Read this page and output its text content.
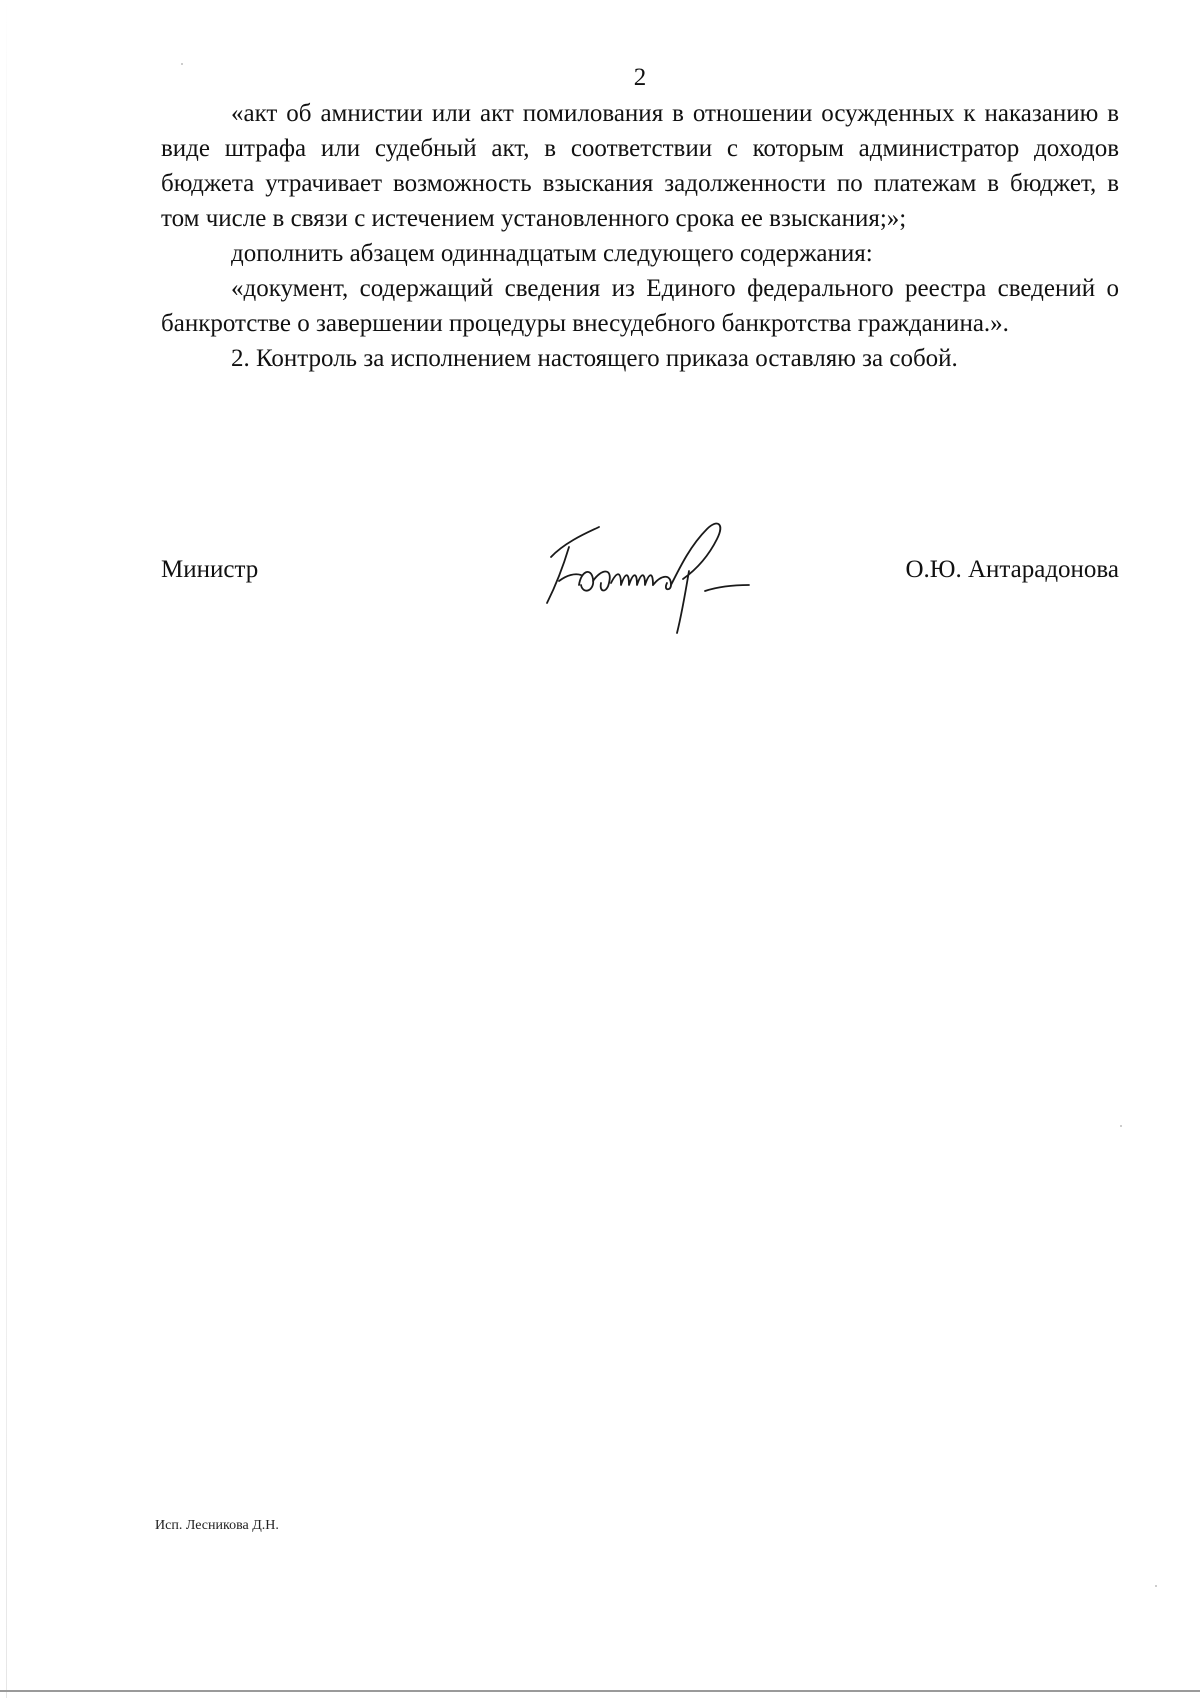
2

«акт об амнистии или акт помилования в отношении осужденных к наказанию в виде штрафа или судебный акт, в соответствии с которым администратор доходов бюджета утрачивает возможность взыскания задолженности по платежам в бюджет, в том числе в связи с истечением установленного срока ее взыскания;»;

дополнить абзацем одиннадцатым следующего содержания:

«документ, содержащий сведения из Единого федерального реестра сведений о банкротстве о завершении процедуры внесудебного банкротства гражданина.».

2. Контроль за исполнением настоящего приказа оставляю за собой.

Министр	О.Ю. Антарадонова
Исп. Лесникова Д.Н.
